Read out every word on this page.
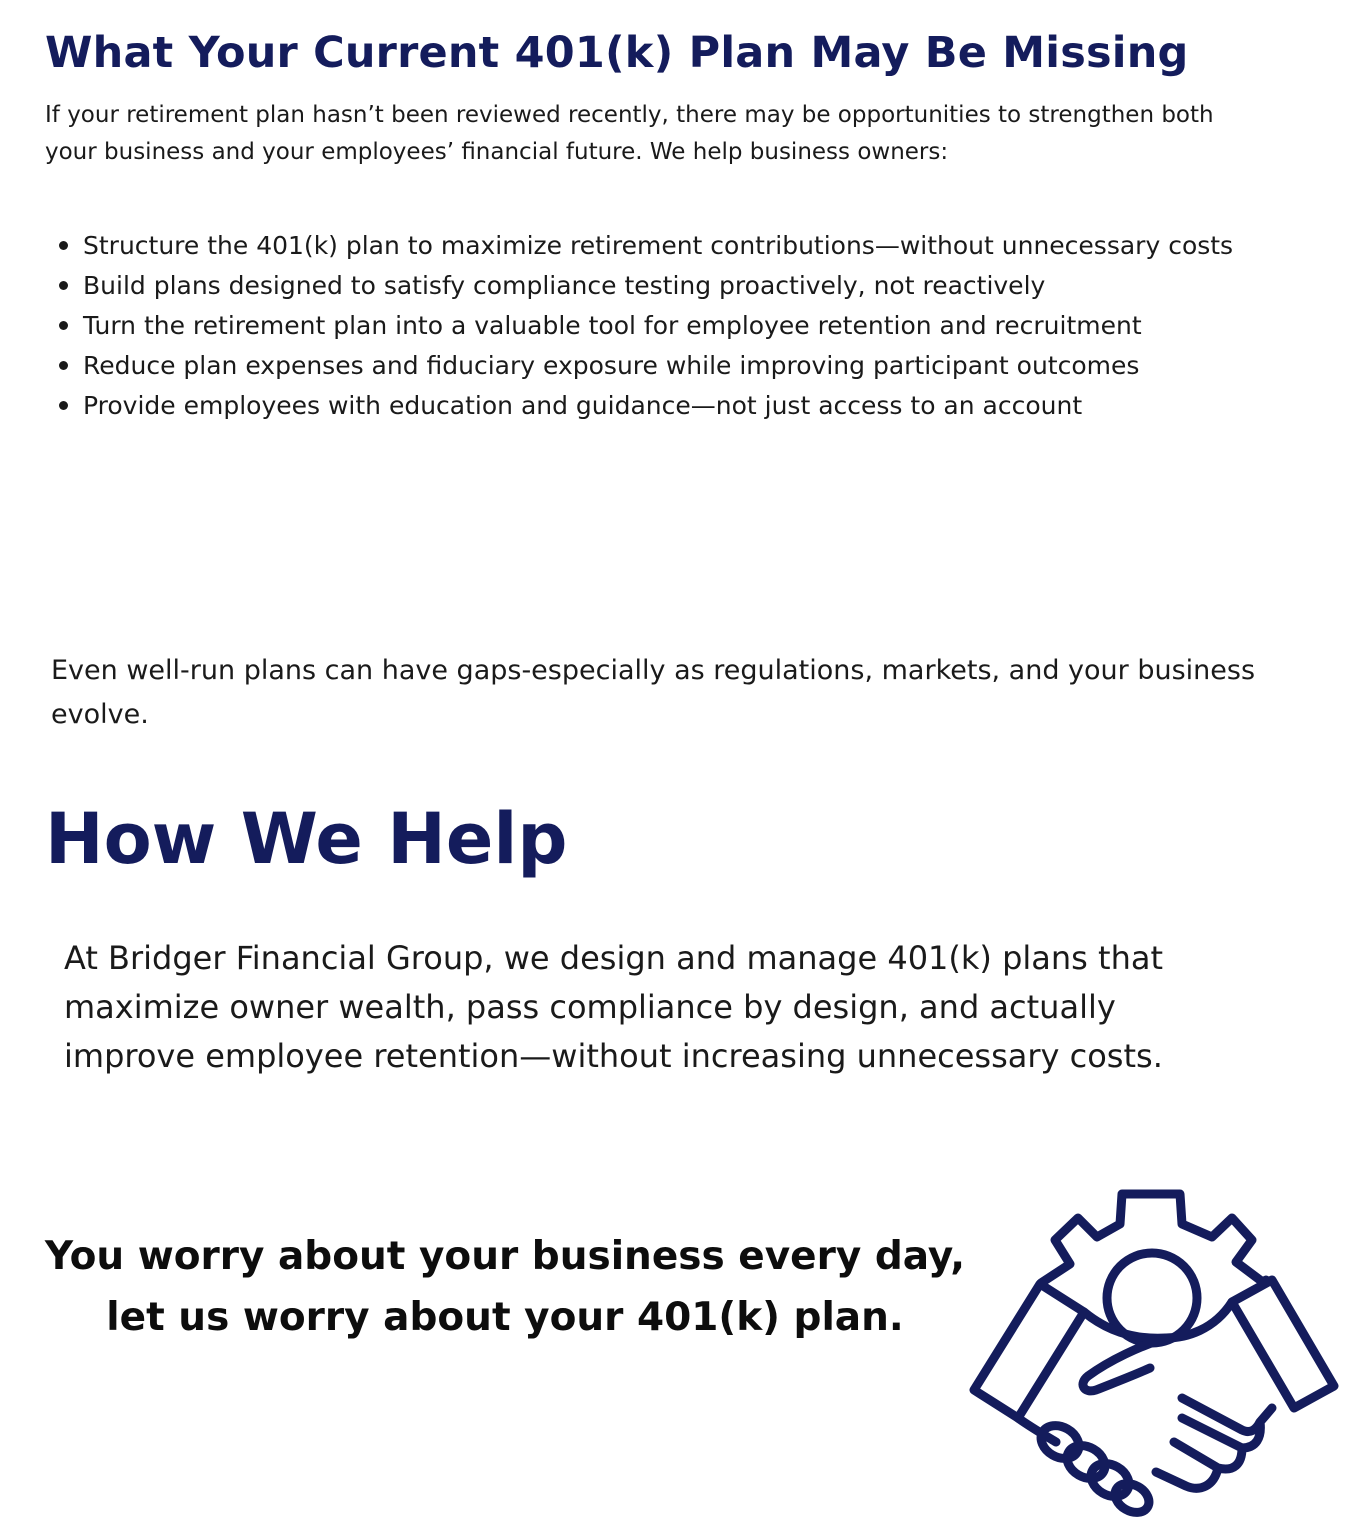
What Your Current 401(k) Plan May Be Missing

If your retirement plan hasn’t been reviewed recently, there may be opportunities to strengthen both your business and your employees’ financial future. We help business owners:

Structure the 401(k) plan to maximize retirement contributions—without unnecessary costs
Build plans designed to satisfy compliance testing proactively, not reactively
Turn the retirement plan into a valuable tool for employee retention and recruitment
Reduce plan expenses and fiduciary exposure while improving participant outcomes
Provide employees with education and guidance—not just access to an account

Even well-run plans can have gaps-especially as regulations, markets, and your business evolve.

How We Help

At Bridger Financial Group, we design and manage 401(k) plans that maximize owner wealth, pass compliance by design, and actually improve employee retention—without increasing unnecessary costs.

You worry about your business every day, let us worry about your 401(k) plan.
